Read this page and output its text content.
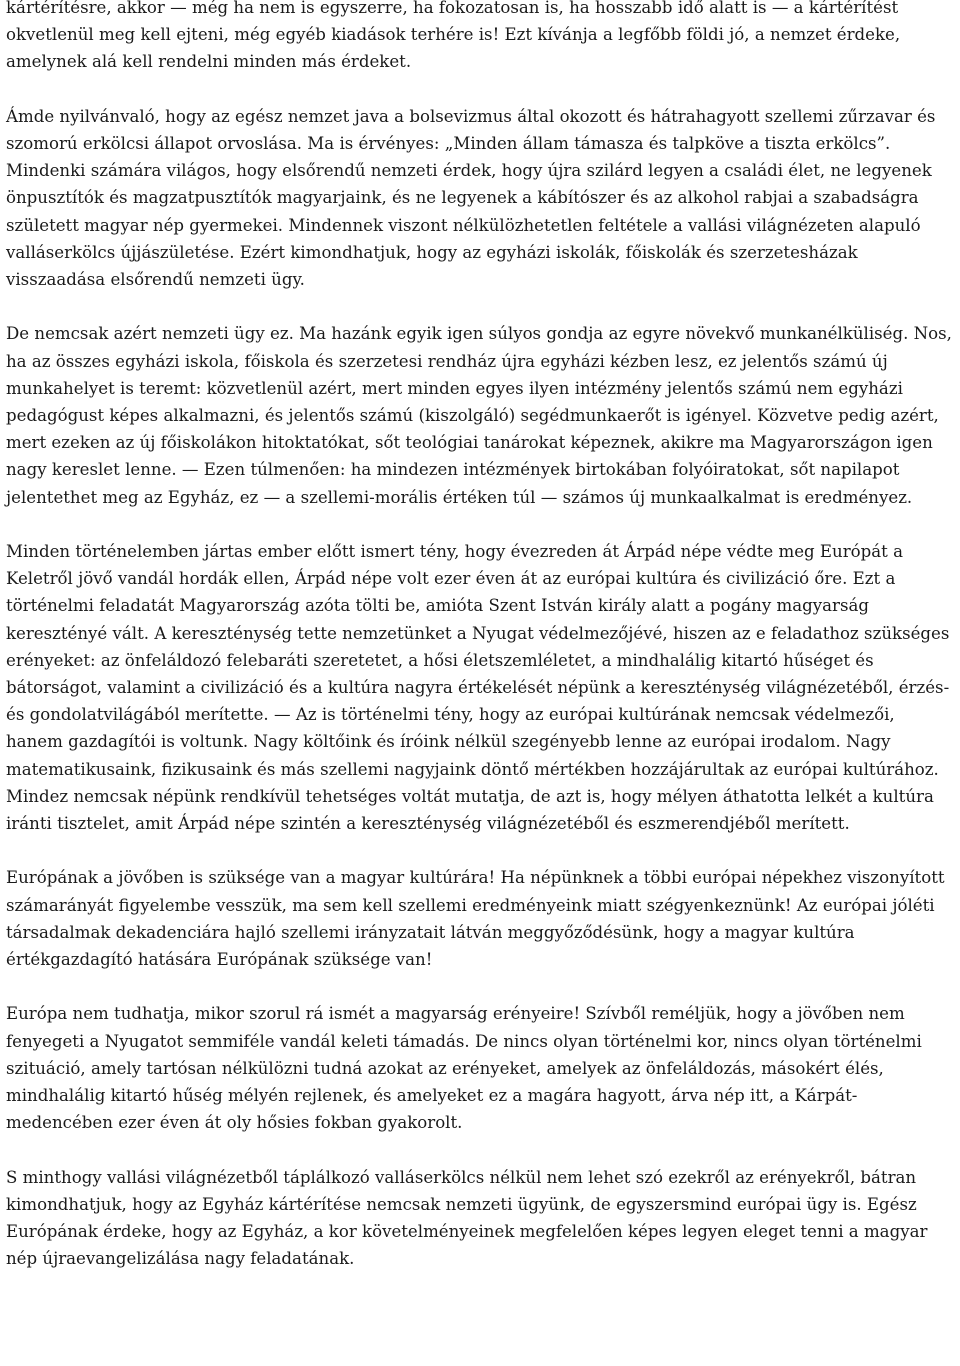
kártérítésre, akkor — még ha nem is egyszerre, ha fokozatosan is, ha hosszabb idő alatt is — a kártérítést okvetlenül meg kell ejteni, még egyéb kiadások terhére is! Ezt kívánja a legfőbb földi jó, a nemzet érdeke, amelynek alá kell rendelni minden más érdeket.

Ámde nyilvánvaló, hogy az egész nemzet java a bolsevizmus által okozott és hátrahagyott szellemi zűrzavar és szomorú erkölcsi állapot orvoslása. Ma is érvényes: „Minden állam támasza és talpköve a tiszta erkölcs”. Mindenki számára világos, hogy elsőrendű nemzeti érdek, hogy újra szilárd legyen a családi élet, ne legyenek önpusztítók és magzatpusztítók magyarjaink, és ne legyenek a kábítószer és az alkohol rabjai a szabadságra született magyar nép gyermekei. Mindennek viszont nélkülözhetetlen feltétele a vallási világnézeten alapuló valláserkölcs újjászületése. Ezért kimondhatjuk, hogy az egyházi iskolák, főiskolák és szerzetesházak visszaadása elsőrendű nemzeti ügy.

De nemcsak azért nemzeti ügy ez. Ma hazánk egyik igen súlyos gondja az egyre növekvő munkanélküliség. Nos, ha az összes egyházi iskola, főiskola és szerzetesi rendház újra egyházi kézben lesz, ez jelentős számú új munkahelyet is teremt: közvetlenül azért, mert minden egyes ilyen intézmény jelentős számú nem egyházi pedagógust képes alkalmazni, és jelentős számú (kiszolgáló) segédmunkaerőt is igényel. Közvetve pedig azért, mert ezeken az új főiskolákon hitoktatókat, sőt teológiai tanárokat képeznek, akikre ma Magyarországon igen nagy kereslet lenne. — Ezen túlmenően: ha mindezen intézmények birtokában folyóiratokat, sőt napilapot jelentethet meg az Egyház, ez — a szellemi-morális értéken túl — számos új munkaalkalmat is eredményez.

Minden történelemben jártas ember előtt ismert tény, hogy évezreden át Árpád népe védte meg Európát a Keletről jövő vandál hordák ellen, Árpád népe volt ezer éven át az európai kultúra és civilizáció őre. Ezt a történelmi feladatát Magyarország azóta tölti be, amióta Szent István király alatt a pogány magyarság keresztényé vált. A kereszténység tette nemzetünket a Nyugat védelmezőjévé, hiszen az e feladathoz szükséges erényeket: az önfeláldozó felebaráti szeretetet, a hősi életszemléletet, a mindhalálig kitartó hűséget és bátorságot, valamint a civilizáció és a kultúra nagyra értékelését népünk a kereszténység világnézetéből, érzés- és gondolatvilágából merítette. — Az is történelmi tény, hogy az európai kultúrának nemcsak védelmezői, hanem gazdagítói is voltunk. Nagy költőink és íróink nélkül szegényebb lenne az európai irodalom. Nagy matematikusaink, fizikusaink és más szellemi nagyjaink döntő mértékben hozzájárultak az európai kultúrához. Mindez nemcsak népünk rendkívül tehetséges voltát mutatja, de azt is, hogy mélyen áthatotta lelkét a kultúra iránti tisztelet, amit Árpád népe szintén a kereszténység világnézetéből és eszmerendjéből merített.

Európának a jövőben is szüksége van a magyar kultúrára! Ha népünknek a többi európai népekhez viszonyított számarányát figyelembe vesszük, ma sem kell szellemi eredményeink miatt szégyenkeznünk! Az európai jóléti társadalmak dekadenciára hajló szellemi irányzatait látván meggyőződésünk, hogy a magyar kultúra értékgazdagító hatására Európának szüksége van!

Európa nem tudhatja, mikor szorul rá ismét a magyarság erényeire! Szívből reméljük, hogy a jövőben nem fenyegeti a Nyugatot semmiféle vandál keleti támadás. De nincs olyan történelmi kor, nincs olyan történelmi szituáció, amely tartósan nélkülözni tudná azokat az erényeket, amelyek az önfeláldozás, másokért élés, mindhalálig kitartó hűség mélyén rejlenek, és amelyeket ez a magára hagyott, árva nép itt, a Kárpát-medencében ezer éven át oly hősies fokban gyakorolt.

S minthogy vallási világnézetből táplálkozó valláserkölcs nélkül nem lehet szó ezekről az erényekről, bátran kimondhatjuk, hogy az Egyház kártérítése nemcsak nemzeti ügyünk, de egyszersmind európai ügy is. Egész Európának érdeke, hogy az Egyház, a kor követelményeinek megfelelően képes legyen eleget tenni a magyar nép újraevangelizálása nagy feladatának.
